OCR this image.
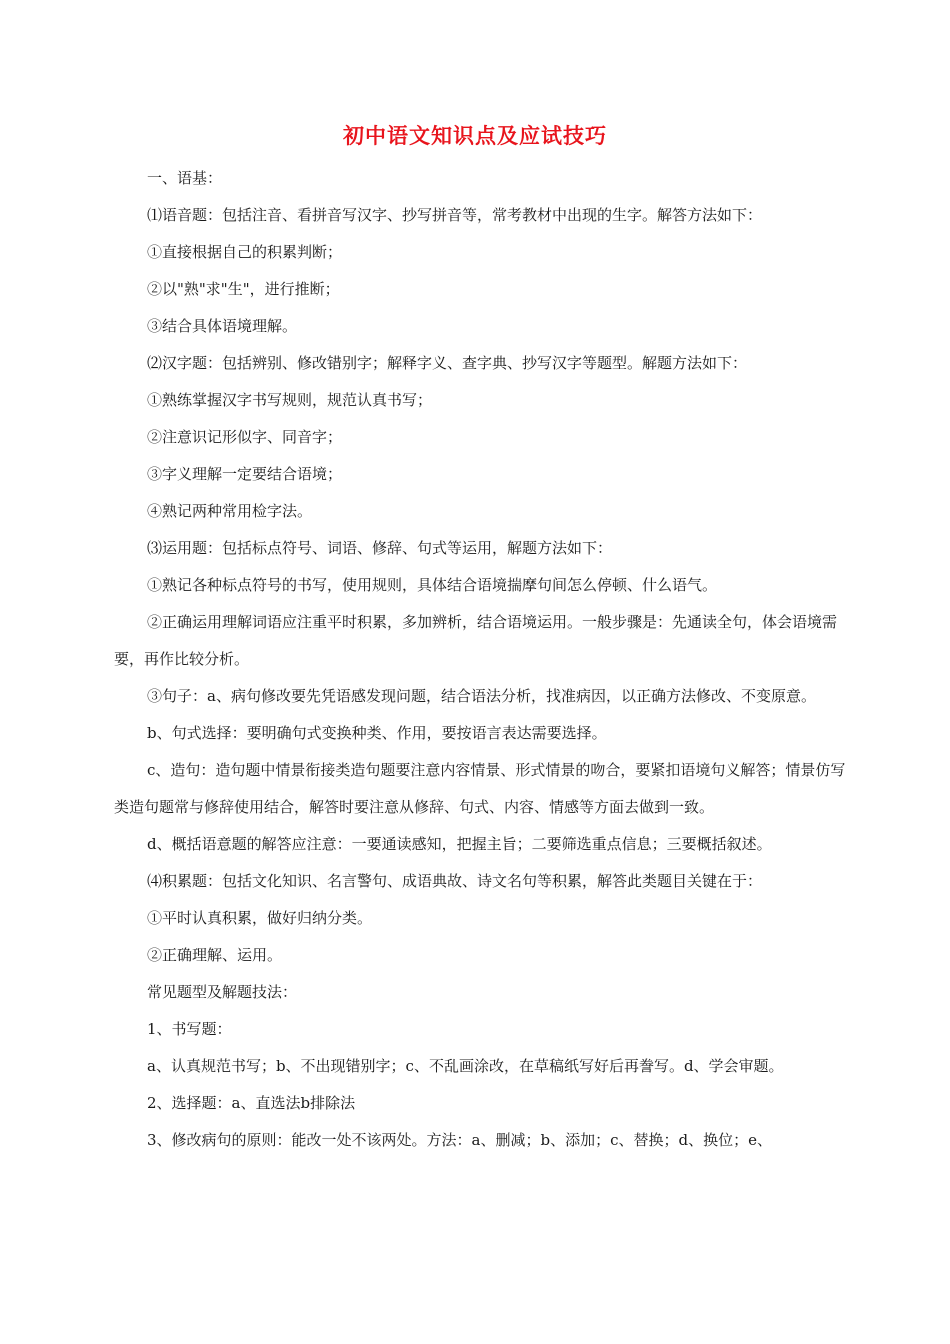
初中语文知识点及应试技巧

一、语基：

⑴语音题：包括注音、看拼音写汉字、抄写拼音等，常考教材中出现的生字。解答方法如下：

①直接根据自己的积累判断；

②以"熟"求"生"，进行推断；

③结合具体语境理解。

⑵汉字题：包括辨别、修改错别字；解释字义、查字典、抄写汉字等题型。解题方法如下：

①熟练掌握汉字书写规则，规范认真书写；

②注意识记形似字、同音字；

③字义理解一定要结合语境；

④熟记两种常用检字法。

⑶运用题：包括标点符号、词语、修辞、句式等运用，解题方法如下：

①熟记各种标点符号的书写，使用规则，具体结合语境揣摩句间怎么停顿、什么语气。

②正确运用理解词语应注重平时积累，多加辨析，结合语境运用。一般步骤是：先通读全句，体会语境需要，再作比较分析。

③句子：a、病句修改要先凭语感发现问题，结合语法分析，找准病因，以正确方法修改、不变原意。

b、句式选择：要明确句式变换种类、作用，要按语言表达需要选择。

c、造句：造句题中情景衔接类造句题要注意内容情景、形式情景的吻合，要紧扣语境句义解答；情景仿写类造句题常与修辞使用结合，解答时要注意从修辞、句式、内容、情感等方面去做到一致。

d、概括语意题的解答应注意：一要通读感知，把握主旨；二要筛选重点信息；三要概括叙述。

⑷积累题：包括文化知识、名言警句、成语典故、诗文名句等积累，解答此类题目关键在于：

①平时认真积累，做好归纳分类。

②正确理解、运用。

常见题型及解题技法：

1、书写题：

a、认真规范书写；b、不出现错别字；c、不乱画涂改，在草稿纸写好后再誊写。d、学会审题。

2、选择题：a、直选法b排除法

3、修改病句的原则：能改一处不该两处。方法：a、删减；b、添加；c、替换；d、换位；e、
